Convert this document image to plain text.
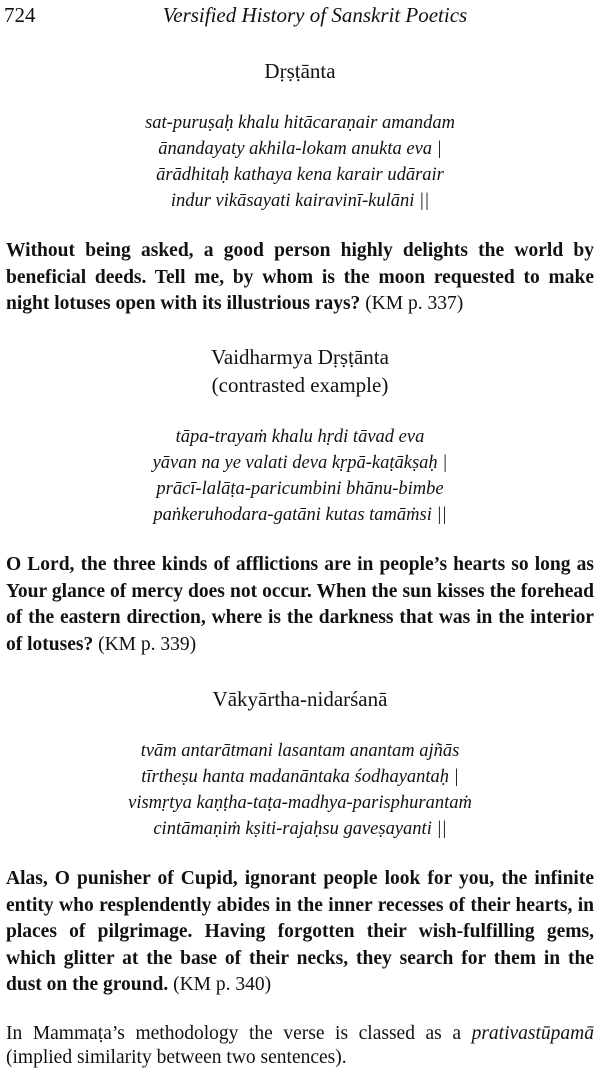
724	Versified History of Sanskrit Poetics
Dṛṣṭānta
sat-puruṣaḥ khalu hitācaraṇair amandam
ānandayaty akhila-lokam anukta eva |
ārādhitaḥ kathaya kena karair udārair
indur vikāsayati kairavinī-kulāni ||
Without being asked, a good person highly delights the world by beneficial deeds. Tell me, by whom is the moon requested to make night lotuses open with its illustrious rays? (KM p. 337)
Vaidharmya Dṛṣṭānta
(contrasted example)
tāpa-trayaṁ khalu hṛdi tāvad eva
yāvan na ye valati deva kṛpā-kaṭākṣaḥ |
prācī-lalāṭa-paricumbini bhānu-bimbe
paṅkeruhodara-gatāni kutas tamāṁsi ||
O Lord, the three kinds of afflictions are in people’s hearts so long as Your glance of mercy does not occur. When the sun kisses the forehead of the eastern direction, where is the darkness that was in the interior of lotuses? (KM p. 339)
Vākyārtha-nidarśanā
tvām antarātmani lasantam anantam ajñās
tīrtheṣu hanta madanāntaka śodhayantaḥ |
vismṛtya kaṇṭha-taṭa-madhya-parisphurantaṁ
cintāmaṇiṁ kṣiti-rajaḥsu gaveṣayanti ||
Alas, O punisher of Cupid, ignorant people look for you, the infinite entity who resplendently abides in the inner recesses of their hearts, in places of pilgrimage. Having forgotten their wish-fulfilling gems, which glitter at the base of their necks, they search for them in the dust on the ground. (KM p. 340)
In Mammaṭa’s methodology the verse is classed as a prativastūpamā (implied similarity between two sentences).
